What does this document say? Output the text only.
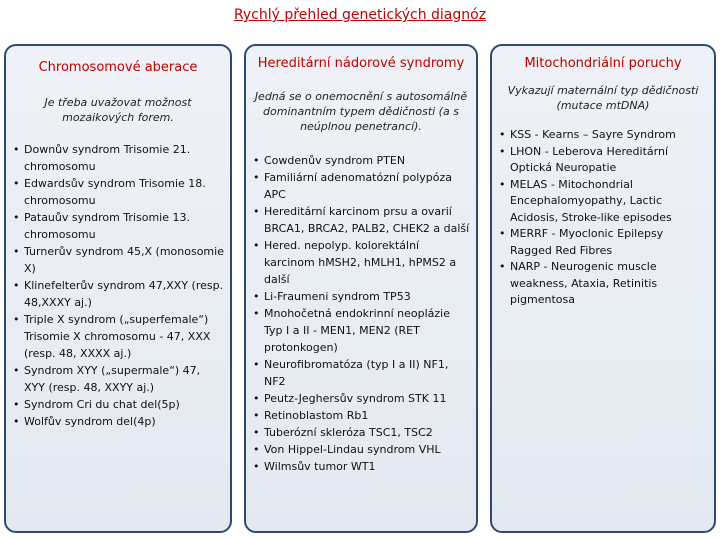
Rychlý přehled genetických diagnóz
Chromosomové aberace
Je třeba uvažovat možnost mozaikových forem.
• Downův syndrom Trisomie 21. chromosomu
• Edwardsův syndrom Trisomie 18. chromosomu
• Patauův syndrom Trisomie 13. chromosomu
• Turnerův syndrom 45,X (monosomie X)
• Klinefelterův syndrom 47,XXY (resp. 48,XXXY aj.)
• Triple X syndrom („superfemale“) Trisomie X chromosomu - 47, XXX (resp. 48, XXXX aj.)
• Syndrom XYY („supermale“) 47, XYY (resp. 48, XXYY aj.)
• Syndrom Cri du chat del(5p)
• Wolfův syndrom del(4p)
Hereditární nádorové syndromy
Jedná se o onemocnění s autosomálně dominantním typem dědičnosti (a s neúplnou penetrancí).
• Cowdenův syndrom PTEN
• Familiární adenomatózní polypóza APC
• Hereditární karcinom prsu a ovarií BRCA1, BRCA2, PALB2, CHEK2 a další
• Hered. nepolyp. kolorektální karcinom hMSH2, hMLH1, hPMS2 a další
• Li-Fraumeni syndrom TP53
• Mnohočetná endokrinní neoplázie Typ I a II - MEN1, MEN2 (RET protonkogen)
• Neurofibromatóza (typ I a II) NF1, NF2
• Peutz-Jeghersův syndrom STK 11
• Retinoblastom Rb1
• Tuberózní skleróza TSC1, TSC2
• Von Hippel-Lindau syndrom VHL
• Wilmsův tumor WT1
Mitochondriální poruchy
Vykazují maternální typ dědičnosti (mutace mtDNA)
• KSS - Kearns – Sayre Syndrom
• LHON - Leberova Hereditární Optická Neuropatie
• MELAS - Mitochondrial Encephalomyopathy, Lactic Acidosis, Stroke-like episodes
• MERRF - Myoclonic Epilepsy Ragged Red Fibres
• NARP - Neurogenic muscle weakness, Ataxia, Retinitis pigmentosa
